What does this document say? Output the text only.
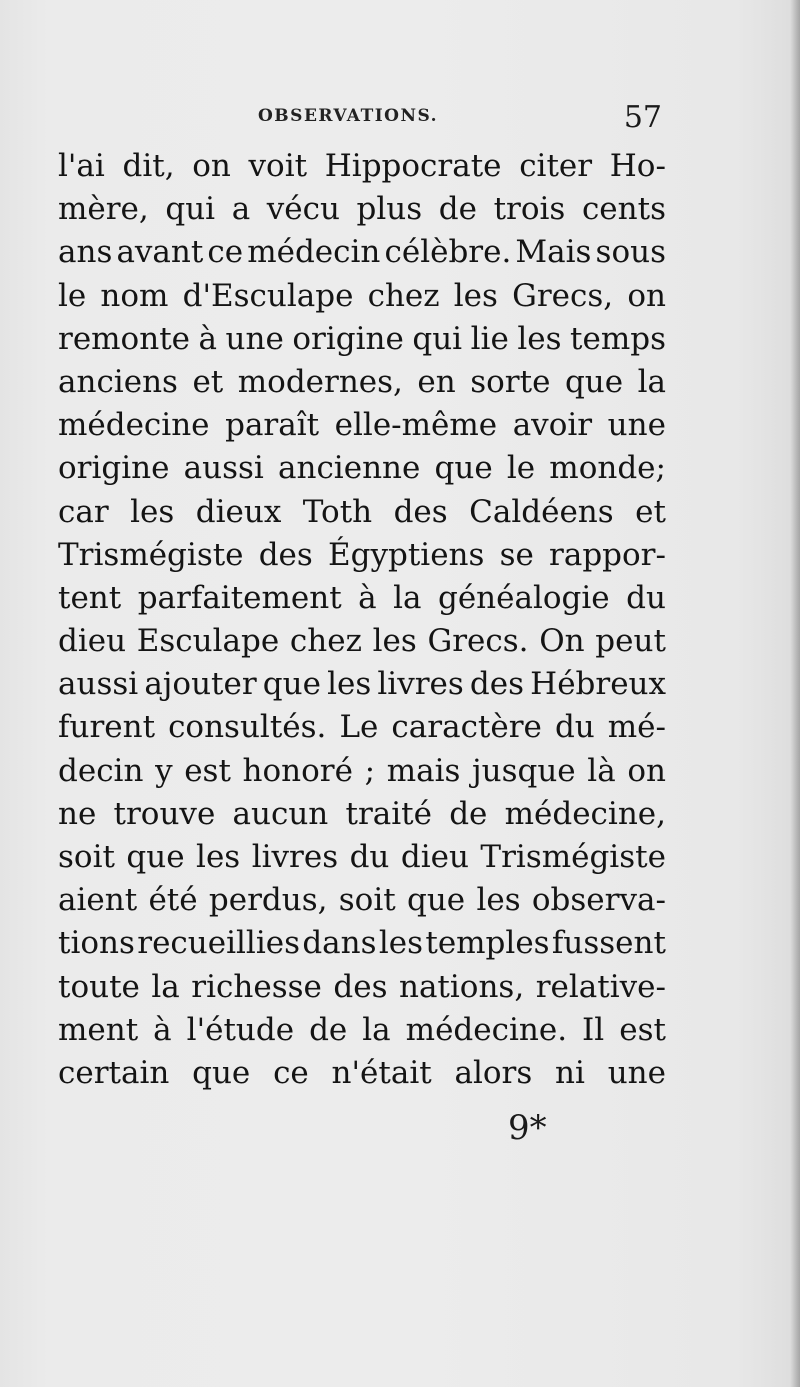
OBSERVATIONS.	57
l'ai dit, on voit Hippocrate citer Ho-
mère, qui a vécu plus de trois cents
ans avant ce médecin célèbre. Mais sous
le nom d'Esculape chez les Grecs, on
remonte à une origine qui lie les temps
anciens et modernes, en sorte que la
médecine paraît elle-même avoir une
origine aussi ancienne que le monde;
car les dieux Toth des Caldéens et
Trismégiste des Égyptiens se rappor-
tent parfaitement à la généalogie du
dieu Esculape chez les Grecs. On peut
aussi ajouter que les livres des Hébreux
furent consultés. Le caractère du mé-
decin y est honoré ; mais jusque là on
ne trouve aucun traité de médecine,
soit que les livres du dieu Trismégiste
aient été perdus, soit que les observa-
tions recueillies dans les temples fussent
toute la richesse des nations, relative-
ment à l'étude de la médecine. Il est
certain que ce n'était alors ni une
9*
